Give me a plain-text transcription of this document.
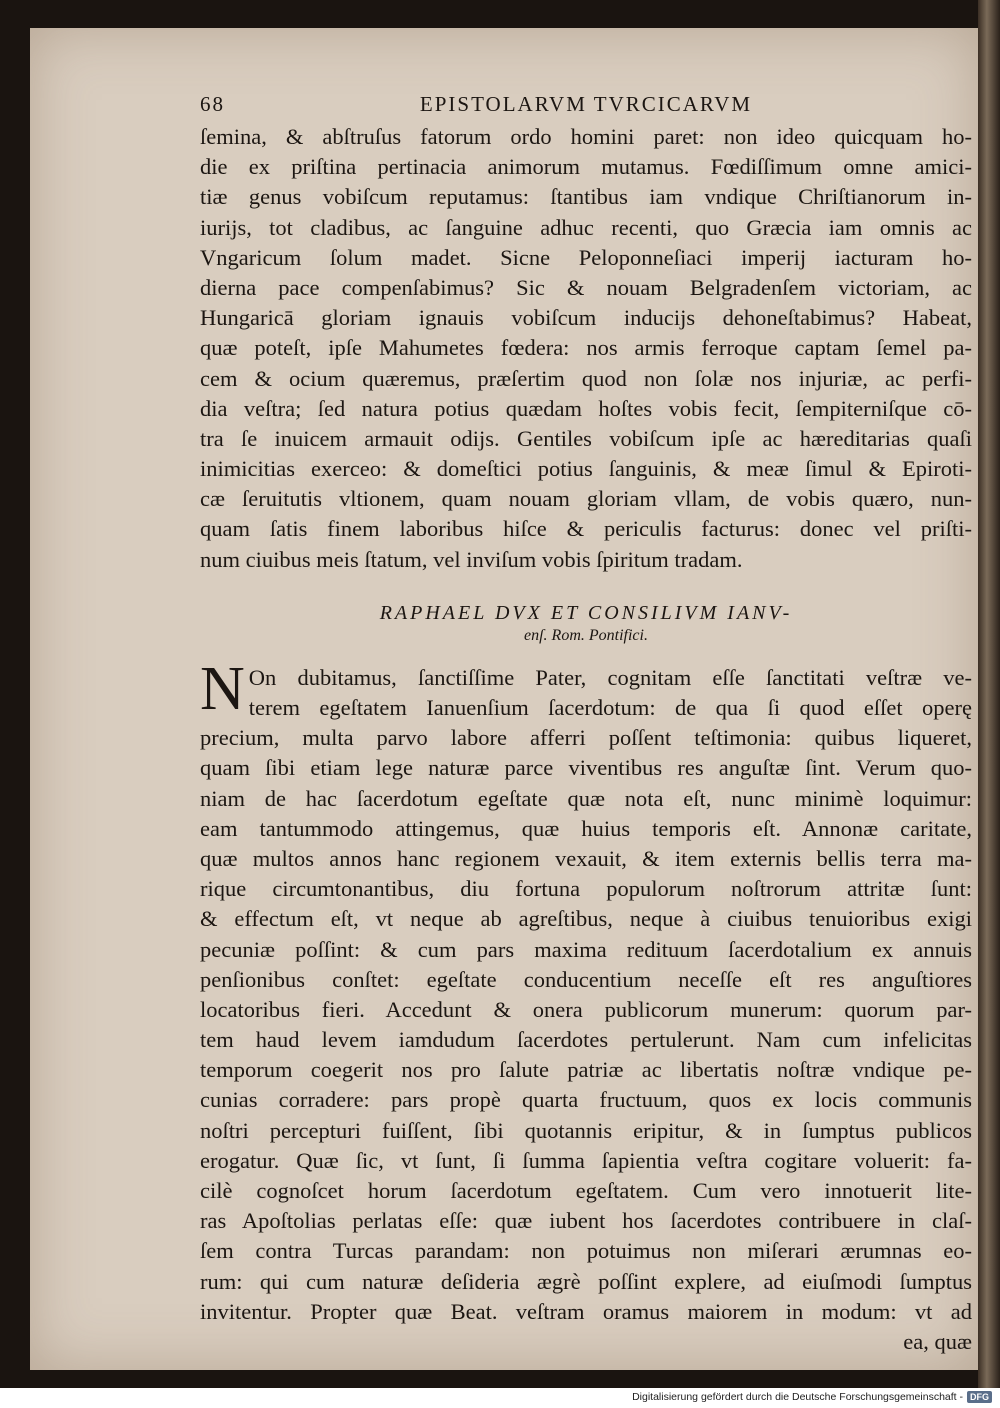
68	EPISTOLARVM TVRCICARVM
ſemina, & abſtruſus fatorum ordo homini paret: non ideo quicquam ho-
die ex priſtina pertinacia animorum mutamus. Fœdiſſimum omne amici-
tiæ genus vobiſcum reputamus: ſtantibus iam vndique Chriſtianorum in-
iurijs, tot cladibus, ac ſanguine adhuc recenti, quo Græcia iam omnis ac
Vngaricum ſolum madet. Sicne Peloponneſiaci imperij iacturam ho-
dierna pace compenſabimus? Sic & nouam Belgradenſem victoriam, ac
Hungaricā gloriam ignauis vobiſcum inducijs dehoneſtabimus? Habeat,
quæ poteſt, ipſe Mahumetes fœdera: nos armis ferroque captam ſemel pa-
cem & ocium quæremus, præſertim quod non ſolæ nos injuriæ, ac perfi-
dia veſtra; ſed natura potius quædam hoſtes vobis fecit, ſempiterniſque cō-
tra ſe inuicem armauit odijs. Gentiles vobiſcum ipſe ac hæreditarias quaſi
inimicitias exerceo: & domeſtici potius ſanguinis, & meæ ſimul & Epiroti-
cæ ſeruitutis vltionem, quam nouam gloriam vllam, de vobis quæro, nun-
quam ſatis finem laboribus hiſce & periculis facturus: donec vel priſti-
num ciuibus meis ſtatum, vel inviſum vobis ſpiritum tradam.
RAPHAEL DVX ET CONSILIVM IANV-
enſ. Rom. Pontifici.
N On dubitamus, ſanctiſſime Pater, cognitam eſſe ſanctitati veſtræ ve-
terem egeſtatem Ianuenſium ſacerdotum: de qua ſi quod eſſet operę
precium, multa parvo labore afferri poſſent teſtimonia: quibus liqueret,
quam ſibi etiam lege naturæ parce viventibus res anguſtæ ſint. Verum quo-
niam de hac ſacerdotum egeſtate quæ nota eſt, nunc minimè loquimur:
eam tantummodo attingemus, quæ huius temporis eſt. Annonæ caritate,
quæ multos annos hanc regionem vexauit, & item externis bellis terra ma-
rique circumtonantibus, diu fortuna populorum noſtrorum attritæ ſunt:
& effectum eſt, vt neque ab agreſtibus, neque à ciuibus tenuioribus exigi
pecuniæ poſſint: & cum pars maxima redituum ſacerdotalium ex annuis
penſionibus conſtet: egeſtate conducentium neceſſe eſt res anguſtiores
locatoribus fieri. Accedunt & onera publicorum munerum: quorum par-
tem haud levem iamdudum ſacerdotes pertulerunt. Nam cum infelicitas
temporum coegerit nos pro ſalute patriæ ac libertatis noſtræ vndique pe-
cunias corradere: pars propè quarta fructuum, quos ex locis communis
noſtri percepturi fuiſſent, ſibi quotannis eripitur, & in ſumptus publicos
erogatur. Quæ ſic, vt ſunt, ſi ſumma ſapientia veſtra cogitare voluerit: fa-
cilè cognoſcet horum ſacerdotum egeſtatem. Cum vero innotuerit lite-
ras Apoſtolias perlatas eſſe: quæ iubent hos ſacerdotes contribuere in claſ-
ſem contra Turcas parandam: non potuimus non miſerari ærumnas eo-
rum: qui cum naturæ deſideria ægrè poſſint explere, ad eiuſmodi ſumptus
invitentur. Propter quæ Beat. veſtram oramus maiorem in modum: vt ad
ea, quæ
Digitalisierung gefördert durch die Deutsche Forschungsgemeinschaft - DFG
